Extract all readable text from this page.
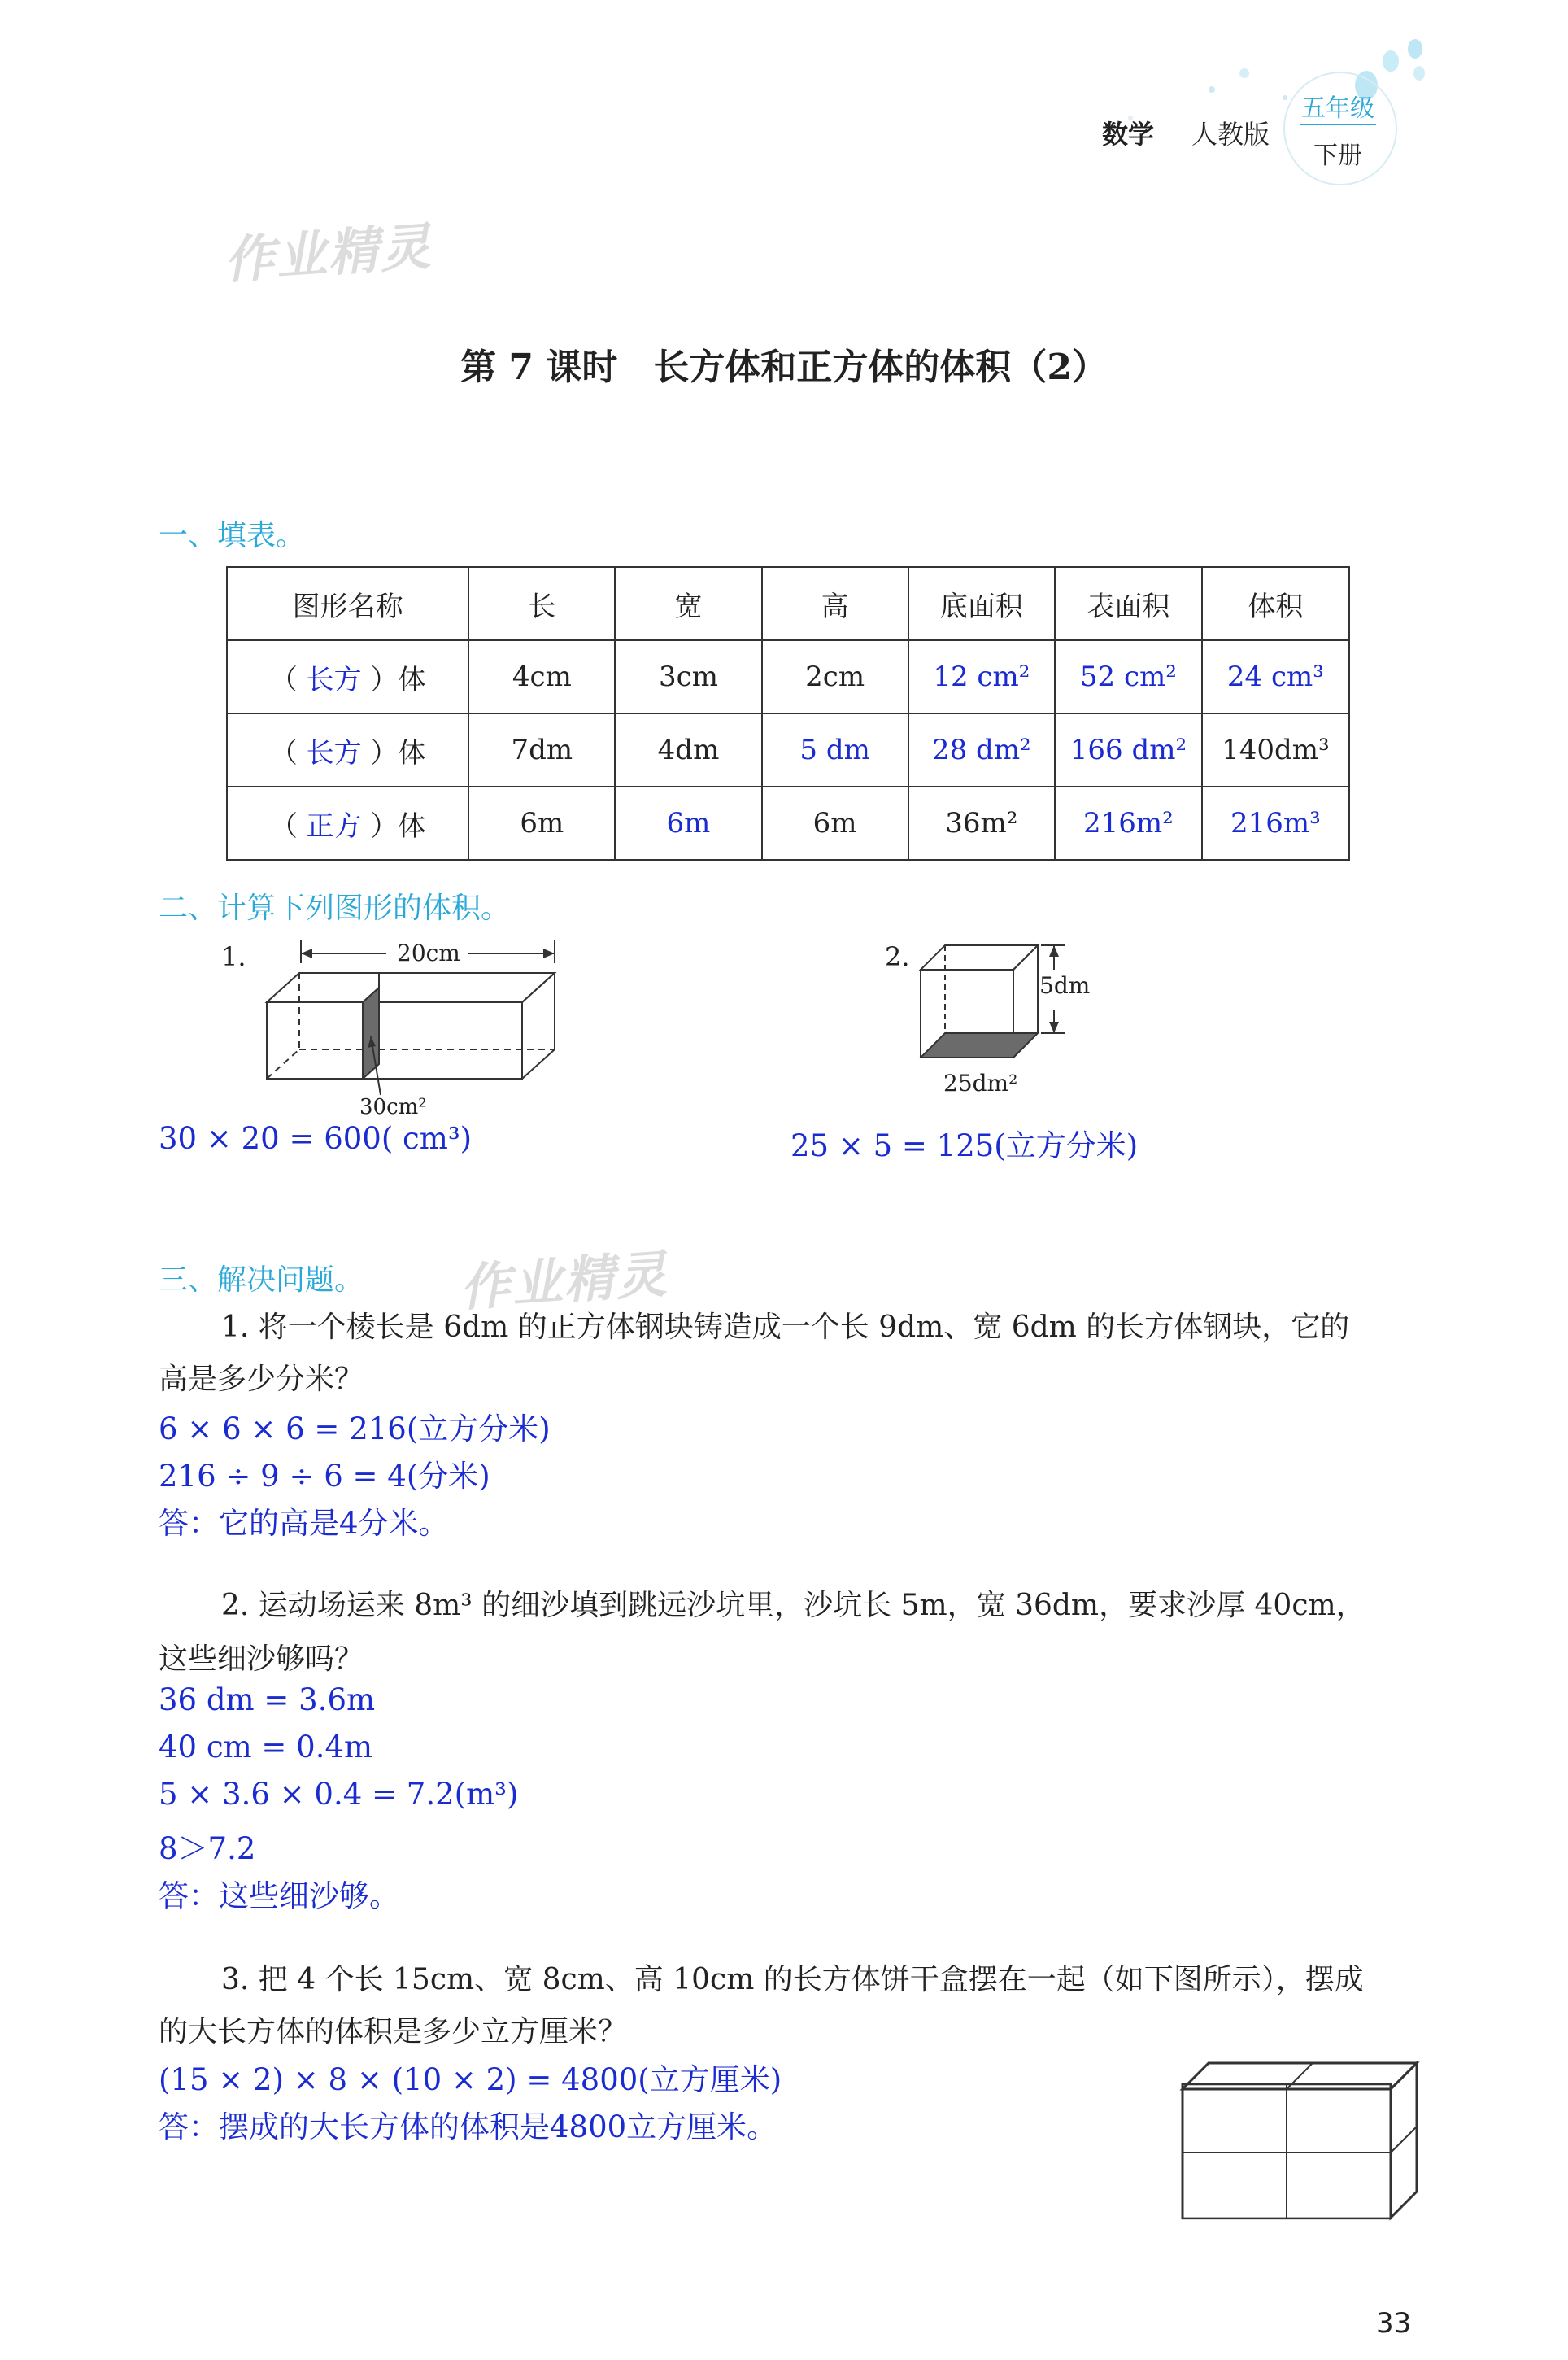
数学 人教版
五年级
下册
作业精灵
第 7 课时　长方体和正方体的体积（2）
一、填表。
图形名称	长	宽	高	底面积	表面积	体积
（ 长方 ）体	4cm	3cm	2cm	12 cm²	52 cm²	24 cm³
（ 长方 ）体	7dm	4dm	5 dm	28 dm²	166 dm²	140dm³
（ 正方 ）体	6m	6m	6m	36m²	216m²	216m³
二、计算下列图形的体积。
1.	20cm
30cm²
30 × 20 = 600( cm³)
2.
5dm
25dm²
25 × 5 = 125(立方分米)
三、解决问题。 作业精灵
1. 将一个棱长是 6dm 的正方体钢块铸造成一个长 9dm、宽 6dm 的长方体钢块，它的
高是多少分米？
6 × 6 × 6 = 216(立方分米)
216 ÷ 9 ÷ 6 = 4(分米)
答：它的高是4分米。
2. 运动场运来 8m³ 的细沙填到跳远沙坑里，沙坑长 5m，宽 36dm，要求沙厚 40cm，
这些细沙够吗？
36 dm = 3.6m
40 cm = 0.4m
5 × 3.6 × 0.4 = 7.2(m³)
8＞7.2
答：这些细沙够。
3. 把 4 个长 15cm、宽 8cm、高 10cm 的长方体饼干盒摆在一起（如下图所示），摆成
的大长方体的体积是多少立方厘米？
(15 × 2) × 8 × (10 × 2) = 4800(立方厘米)
答：摆成的大长方体的体积是4800立方厘米。
33
